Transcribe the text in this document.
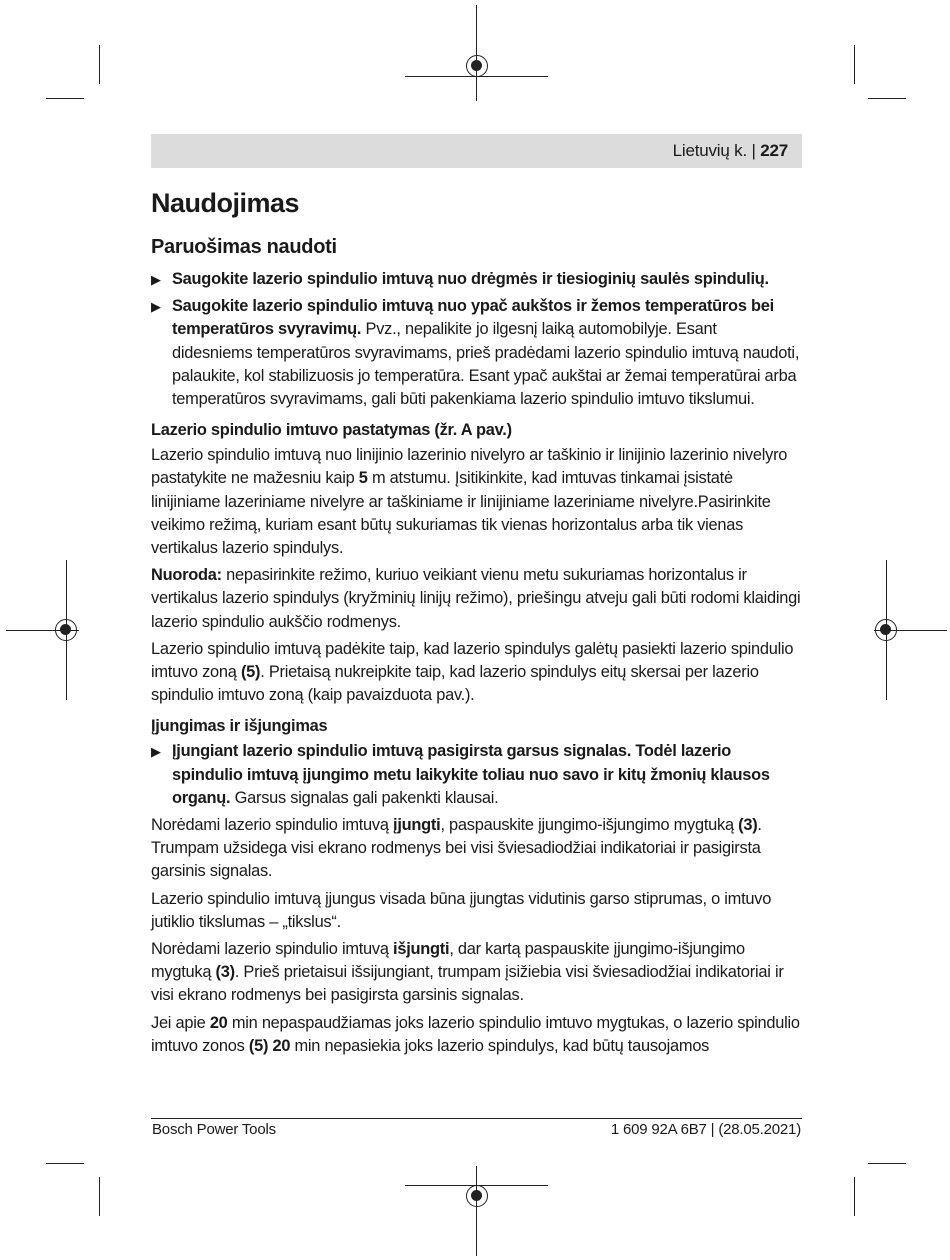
Lietuvių k. | 227
Naudojimas
Paruošimas naudoti
▶ Saugokite lazerio spindulio imtuvą nuo drėgmės ir tiesioginių saulės spindulių.
▶ Saugokite lazerio spindulio imtuvą nuo ypač aukštos ir žemos temperatūros bei temperatūros svyravimų. Pvz., nepalikite jo ilgesnį laiką automobilyje. Esant didesniems temperatūros svyravimams, prieš pradėdami lazerio spindulio imtuvą naudoti, palaukite, kol stabilizuosis jo temperatūra. Esant ypač aukštai ar žemai temperatūrai arba temperatūros svyravimams, gali būti pakenkiama lazerio spindulio imtuvo tikslumui.
Lazerio spindulio imtuvo pastatymas (žr. A pav.)

Lazerio spindulio imtuvą nuo linijinio lazerinio nivelyro ar taškinio ir linijinio lazerinio nivelyro pastatykite ne mažesniu kaip 5 m atstumu. Įsitikinkite, kad imtuvas tinkamai įsistatė linijiniame lazeriniame nivelyre ar taškiniame ir linijiniame lazeriniame nivelyre.Pasirinkite veikimo režimą, kuriam esant būtų sukuriamas tik vienas horizontalus arba tik vienas vertikalus lazerio spindulys.

Nuoroda: nepasirinkite režimo, kuriuo veikiant vienu metu sukuriamas horizontalus ir vertikalus lazerio spindulys (kryžminių linijų režimo), priešingu atveju gali būti rodomi klaidingi lazerio spindulio aukščio rodmenys.

Lazerio spindulio imtuvą padėkite taip, kad lazerio spindulys galėtų pasiekti lazerio spindulio imtuvo zoną (5). Prietaisą nukreipkite taip, kad lazerio spindulys eitų skersai per lazerio spindulio imtuvo zoną (kaip pavaizduota pav.).

Įjungimas ir išjungimas
▶ Įjungiant lazerio spindulio imtuvą pasigirsta garsus signalas. Todėl lazerio spindulio imtuvą įjungimo metu laikykite toliau nuo savo ir kitų žmonių klausos organų. Garsus signalas gali pakenkti klausai.

Norėdami lazerio spindulio imtuvą įjungti, paspauskite įjungimo-išjungimo mygtuką (3). Trumpam užsidega visi ekrano rodmenys bei visi šviesadiodžiai indikatoriai ir pasigirsta garsinis signalas.

Lazerio spindulio imtuvą įjungus visada būna įjungtas vidutinis garso stiprumas, o imtuvo jutiklio tikslumas – „tikslus“.

Norėdami lazerio spindulio imtuvą išjungti, dar kartą paspauskite įjungimo-išjungimo mygtuką (3). Prieš prietaisui išsijungiant, trumpam įsižiebia visi šviesadiodžiai indikatoriai ir visi ekrano rodmenys bei pasigirsta garsinis signalas.

Jei apie 20 min nepaspaudžiamas joks lazerio spindulio imtuvo mygtukas, o lazerio spindulio imtuvo zonos (5) 20 min nepasiekia joks lazerio spindulys, kad būtų tausojamos

Bosch Power Tools	1 609 92A 6B7 | (28.05.2021)
